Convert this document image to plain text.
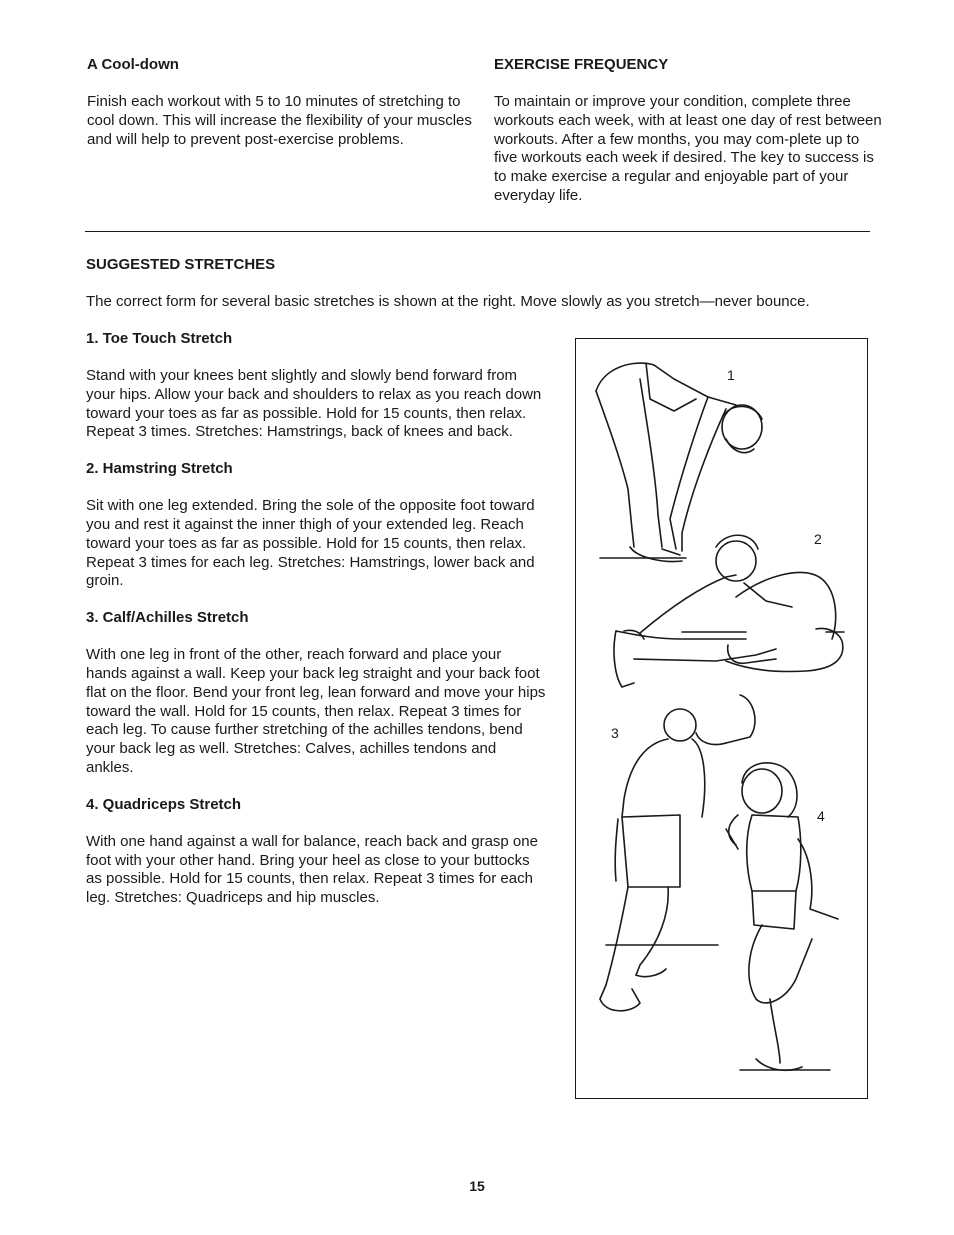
A Cool-down

Finish each workout with 5 to 10 minutes of stretching to cool down. This will increase the flexibility of your muscles and will help to prevent post-exercise problems.

EXERCISE FREQUENCY

To maintain or improve your condition, complete three workouts each week, with at least one day of rest between workouts. After a few months, you may com-plete up to five workouts each week if desired. The key to success is to make exercise a regular and enjoyable part of your everyday life.

SUGGESTED STRETCHES

The correct form for several basic stretches is shown at the right. Move slowly as you stretch—never bounce.

1. Toe Touch Stretch

Stand with your knees bent slightly and slowly bend forward from your hips. Allow your back and shoulders to relax as you reach down toward your toes as far as possible. Hold for 15 counts, then relax. Repeat 3 times. Stretches: Hamstrings, back of knees and back.

2. Hamstring Stretch

Sit with one leg extended. Bring the sole of the opposite foot toward you and rest it against the inner thigh of your extended leg. Reach toward your toes as far as possible. Hold for 15 counts, then relax. Repeat 3 times for each leg. Stretches: Hamstrings, lower back and groin.

3. Calf/Achilles Stretch

With one leg in front of the other, reach forward and place your hands against a wall. Keep your back leg straight and your back foot flat on the floor. Bend your front leg, lean forward and move your hips toward the wall. Hold for 15 counts, then relax. Repeat 3 times for each leg. To cause further stretching of the achilles tendons, bend your back leg as well. Stretches: Calves, achilles tendons and ankles.

4. Quadriceps Stretch

With one hand against a wall for balance, reach back and grasp one foot with your other hand. Bring your heel as close to your buttocks as possible. Hold for 15 counts, then relax. Repeat 3 times for each leg. Stretches: Quadriceps and hip muscles.

1
2
3
4
15
